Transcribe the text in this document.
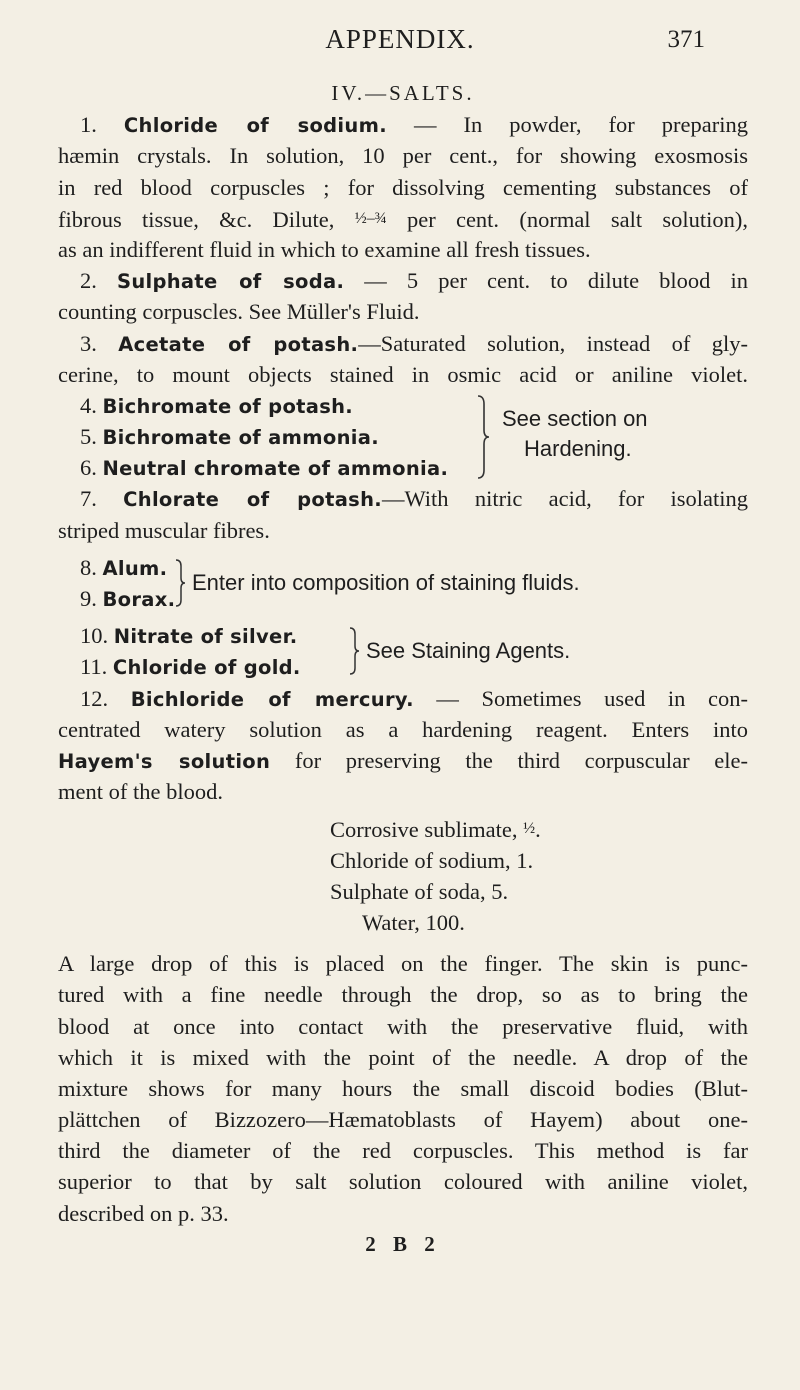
APPENDIX.	371
IV.—SALTS.
1. Chloride of sodium. — In powder, for preparing
hæmin crystals. In solution, 10 per cent., for showing exosmosis
in red blood corpuscles ; for dissolving cementing substances of
fibrous tissue, &c. Dilute, ½–¾ per cent. (normal salt solution),
as an indifferent fluid in which to examine all fresh tissues.
2. Sulphate of soda. — 5 per cent. to dilute blood in
counting corpuscles. See Müller's Fluid.
3. Acetate of potash.—Saturated solution, instead of gly-
cerine, to mount objects stained in osmic acid or aniline violet.
4. Bichromate of potash.
5. Bichromate of ammonia.
6. Neutral chromate of ammonia.
See section on
Hardening.
7. Chlorate of potash.—With nitric acid, for isolating
striped muscular fibres.
8. Alum.
9. Borax.
Enter into composition of staining fluids.
10. Nitrate of silver.
11. Chloride of gold.
See Staining Agents.
12. Bichloride of mercury. — Sometimes used in con-
centrated watery solution as a hardening reagent. Enters into
Hayem's solution for preserving the third corpuscular ele-
ment of the blood.
Corrosive sublimate, ½.
Chloride of sodium, 1.
Sulphate of soda, 5.
Water, 100.
A large drop of this is placed on the finger. The skin is punc-
tured with a fine needle through the drop, so as to bring the
blood at once into contact with the preservative fluid, with
which it is mixed with the point of the needle. A drop of the
mixture shows for many hours the small discoid bodies (Blut-
plättchen of Bizzozero—Hæmatoblasts of Hayem) about one-
third the diameter of the red corpuscles. This method is far
superior to that by salt solution coloured with aniline violet,
described on p. 33.
2 B 2
